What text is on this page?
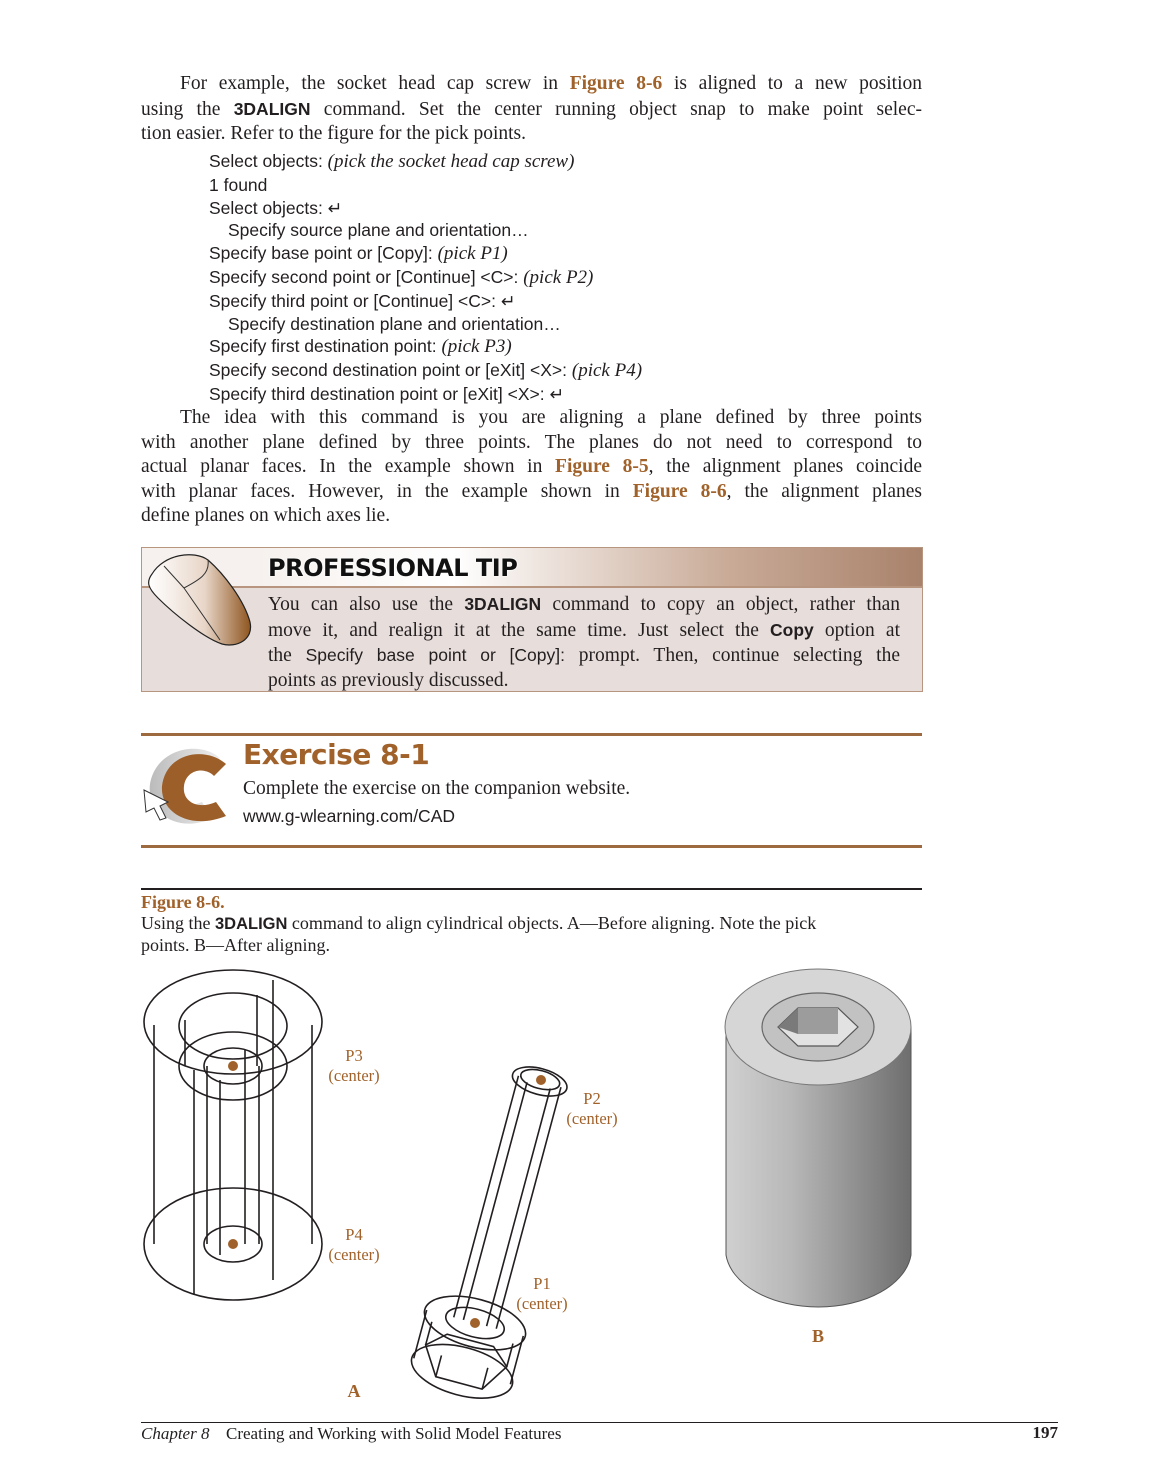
For example, the socket head cap screw in Figure 8-6 is aligned to a new position
using the 3DALIGN command. Set the center running object snap to make point selec-
tion easier. Refer to the figure for the pick points.
Select objects: (pick the socket head cap screw)
1 found
Select objects: ↵
Specify source plane and orientation…
Specify base point or [Copy]: (pick P1)
Specify second point or [Continue] <C>: (pick P2)
Specify third point or [Continue] <C>: ↵
Specify destination plane and orientation…
Specify first destination point: (pick P3)
Specify second destination point or [eXit] <X>: (pick P4)
Specify third destination point or [eXit] <X>: ↵
The idea with this command is you are aligning a plane defined by three points
with another plane defined by three points. The planes do not need to correspond to
actual planar faces. In the example shown in Figure 8-5, the alignment planes coincide
with planar faces. However, in the example shown in Figure 8-6, the alignment planes
define planes on which axes lie.
PROFESSIONAL TIP
You can also use the 3DALIGN command to copy an object, rather than
move it, and realign it at the same time. Just select the Copy option at
the Specify base point or [Copy]: prompt. Then, continue selecting the
points as previously discussed.
Exercise 8-1
Complete the exercise on the companion website.
www.g-wlearning.com/CAD
Figure 8-6.
Using the 3DALIGN command to align cylindrical objects. A—Before aligning. Note the pick
points. B—After aligning.
P3
(center)
P4
(center)
P2
(center)
P1
(center)
A
B
Chapter 8 Creating and Working with Solid Model Features	197
